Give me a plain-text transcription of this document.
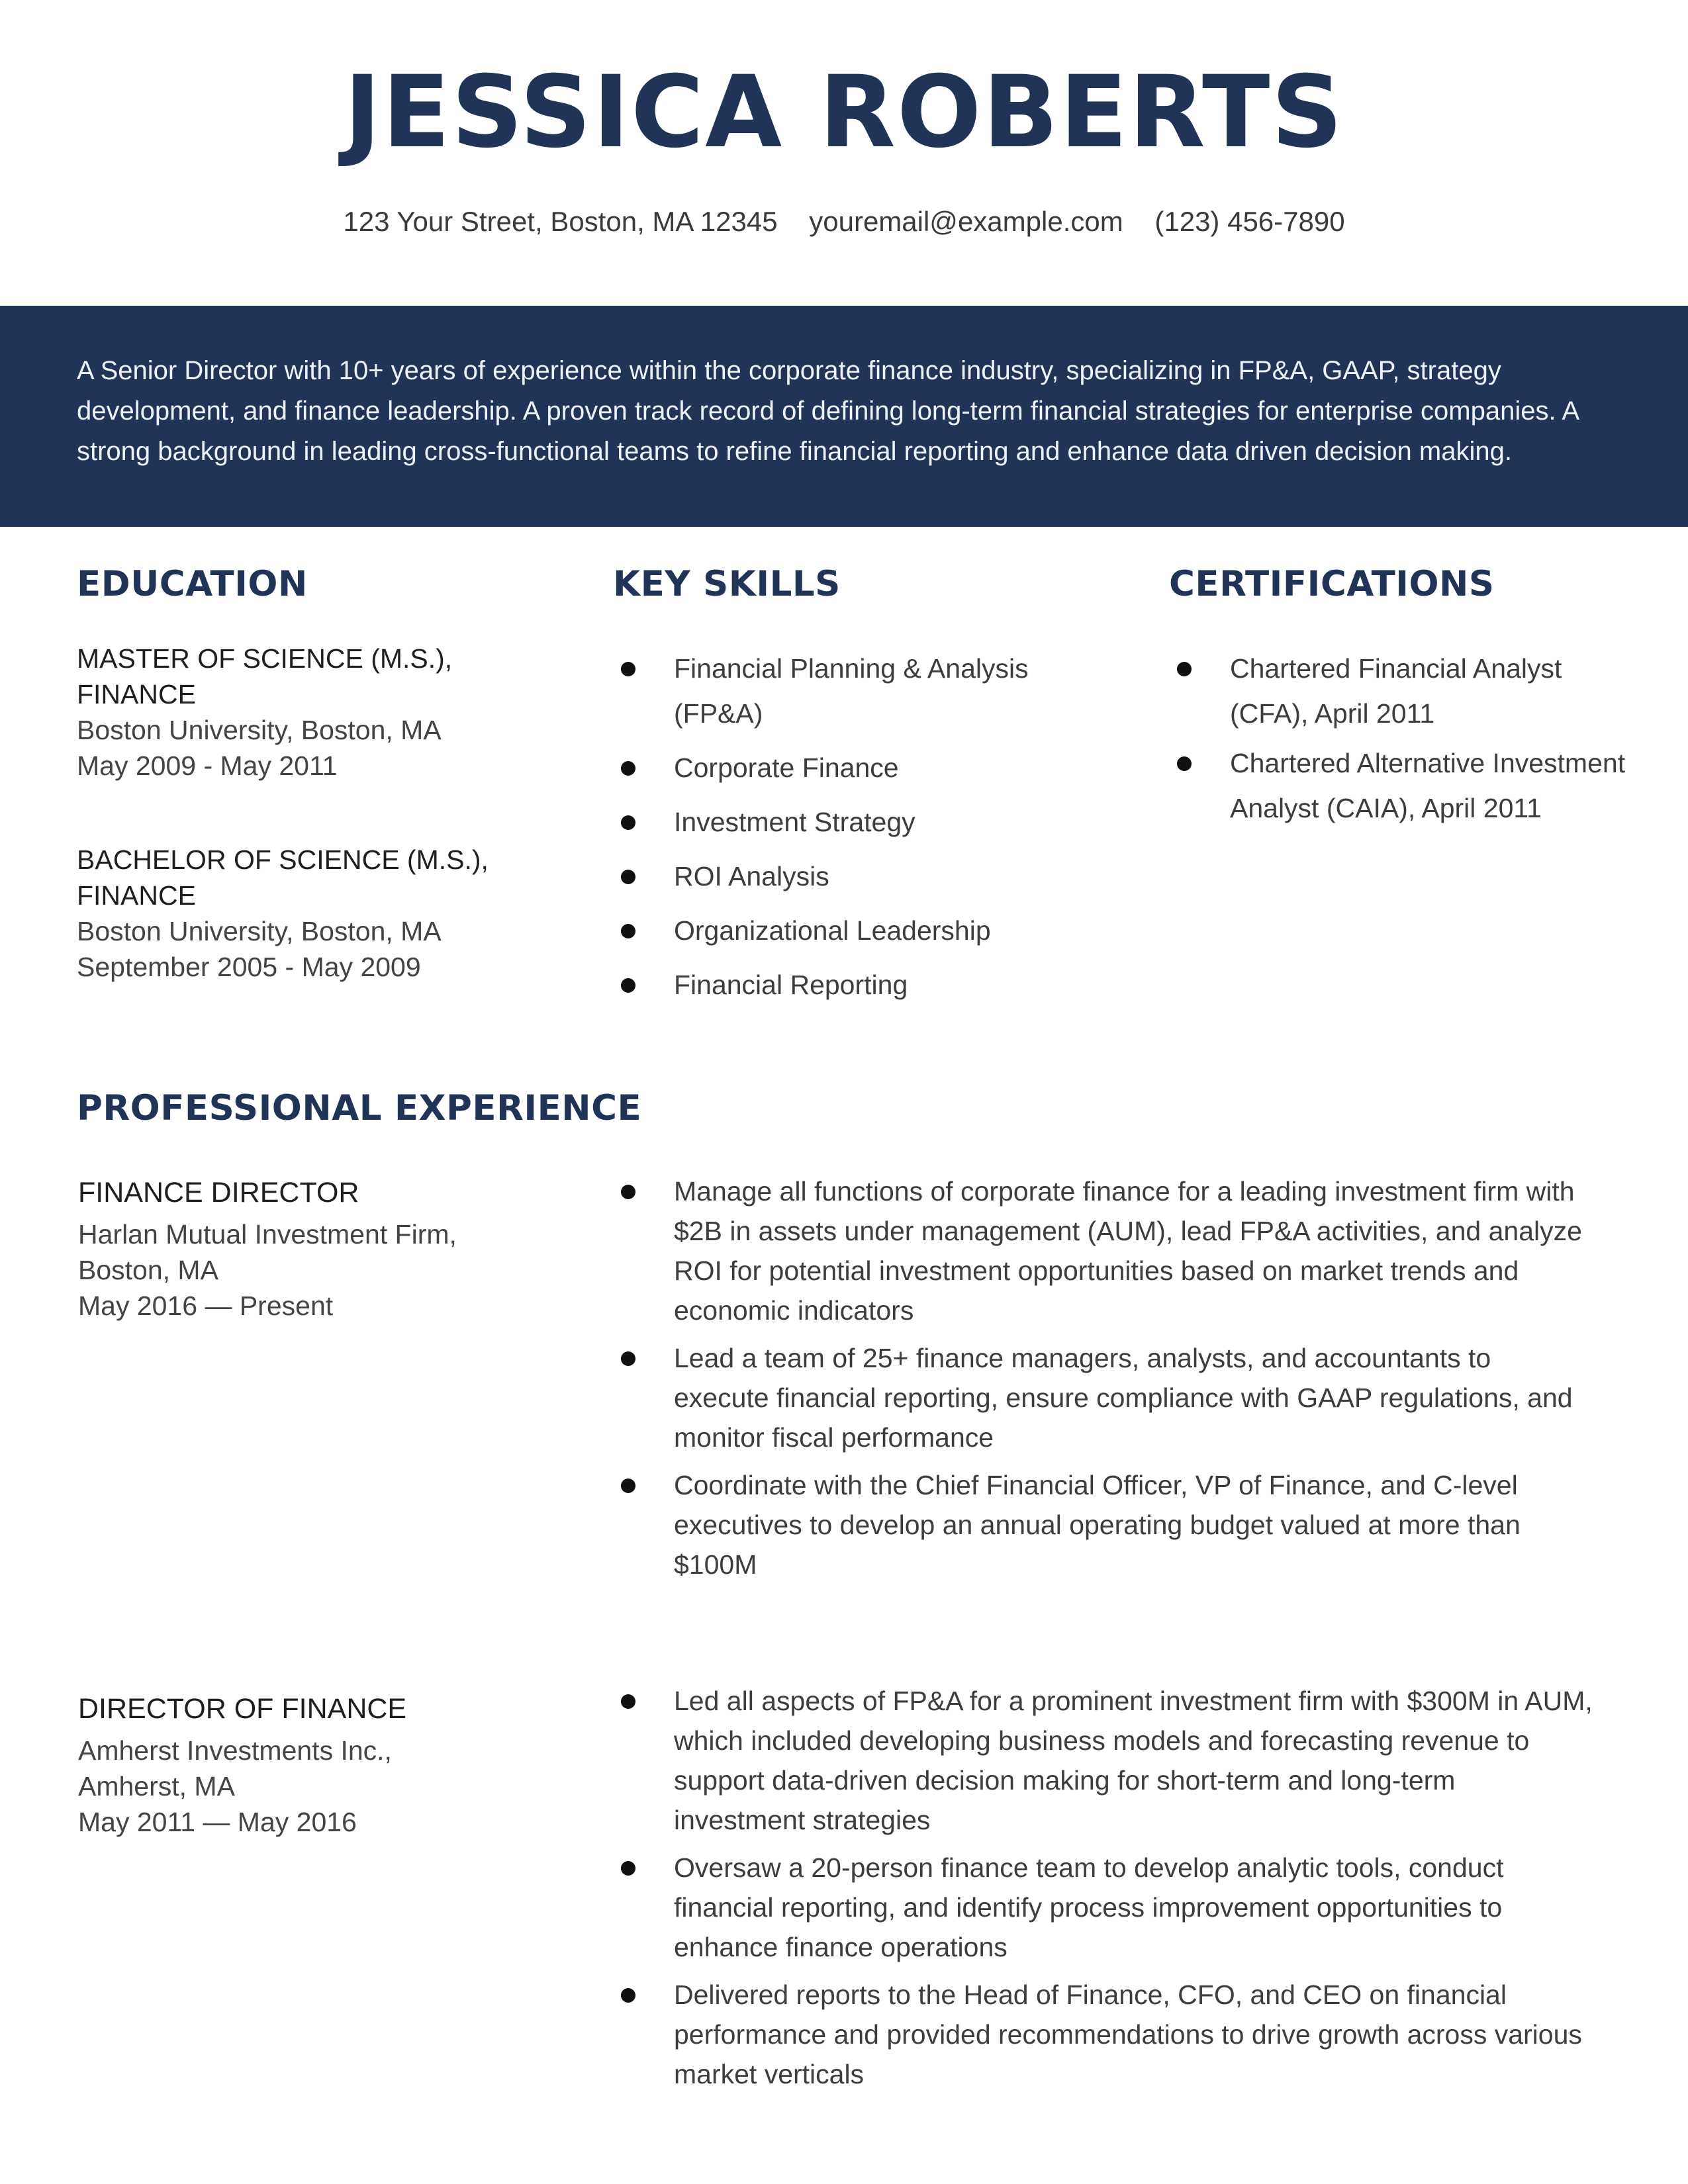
JESSICA ROBERTS
123 Your Street, Boston, MA 12345 youremail@example.com (123) 456-7890

A Senior Director with 10+ years of experience within the corporate finance industry, specializing in FP&A, GAAP, strategy development, and finance leadership. A proven track record of defining long-term financial strategies for enterprise companies. A strong background in leading cross-functional teams to refine financial reporting and enhance data driven decision making.

EDUCATION
MASTER OF SCIENCE (M.S.), FINANCE
Boston University, Boston, MA
May 2009 - May 2011
BACHELOR OF SCIENCE (M.S.), FINANCE
Boston University, Boston, MA
September 2005 - May 2009
KEY SKILLS
Financial Planning & Analysis (FP&A)
Corporate Finance
Investment Strategy
ROI Analysis
Organizational Leadership
Financial Reporting
CERTIFICATIONS
Chartered Financial Analyst (CFA), April 2011
Chartered Alternative Investment Analyst (CAIA), April 2011
PROFESSIONAL EXPERIENCE
FINANCE DIRECTOR
Harlan Mutual Investment Firm,
Boston, MA
May 2016 — Present
Manage all functions of corporate finance for a leading investment firm with $2B in assets under management (AUM), lead FP&A activities, and analyze ROI for potential investment opportunities based on market trends and economic indicators
Lead a team of 25+ finance managers, analysts, and accountants to execute financial reporting, ensure compliance with GAAP regulations, and monitor fiscal performance
Coordinate with the Chief Financial Officer, VP of Finance, and C-level executives to develop an annual operating budget valued at more than $100M
DIRECTOR OF FINANCE
Amherst Investments Inc.,
Amherst, MA
May 2011 — May 2016
Led all aspects of FP&A for a prominent investment firm with $300M in AUM, which included developing business models and forecasting revenue to support data-driven decision making for short-term and long-term investment strategies
Oversaw a 20-person finance team to develop analytic tools, conduct financial reporting, and identify process improvement opportunities to enhance finance operations
Delivered reports to the Head of Finance, CFO, and CEO on financial performance and provided recommendations to drive growth across various market verticals
